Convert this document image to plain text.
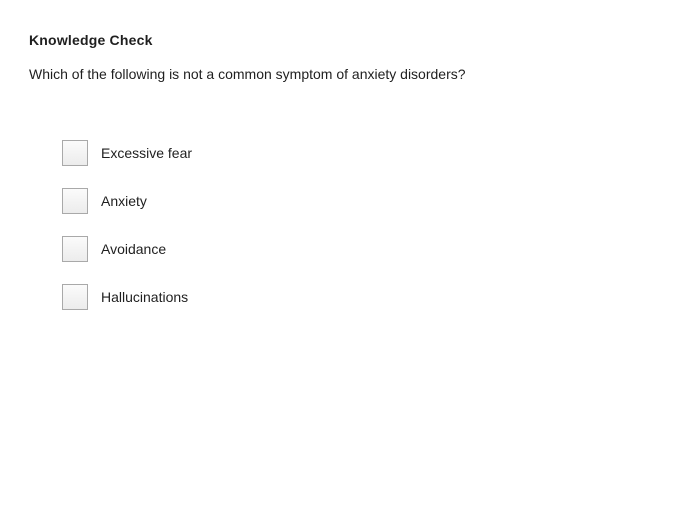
Knowledge Check
Which of the following is not a common symptom of anxiety disorders?
Excessive fear
Anxiety
Avoidance
Hallucinations
